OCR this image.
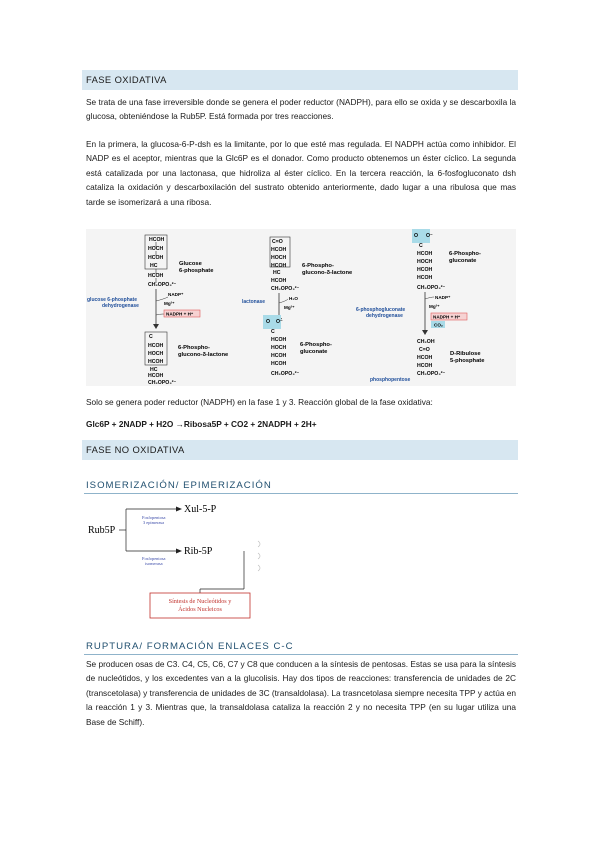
FASE OXIDATIVA

Se trata de una fase irreversible donde se genera el poder reductor (NADPH), para ello se oxida y se descarboxila la glucosa, obteniéndose la Rub5P. Está formada por tres reacciones.

En la primera, la glucosa-6-P-dsh es la limitante, por lo que esté mas regulada. El NADPH actúa como inhibidor. El NADP es el aceptor, mientras que la Glc6P es el donador. Como producto obtenemos un éster cíclico. La segunda está catalizada por una lactonasa, que hidroliza al éster cíclico. En la tercera reacción, la 6-fosfogluconato dsh cataliza la oxidación y descarboxilación del sustrato obtenido anteriormente, dado lugar a una ribulosa que mas tarde se isomerizará a una ribosa.

HCOH
HOCH
HCOH
HC
HCOH
CH₂OPO₃²⁻
Glucose 6-phosphate
NADP⁺
Mg²⁺
NADPH + H⁺
glucose 6-phosphate dehydrogenase
C
HCOH
HOCH
HCOH
HC
HCOH
CH₂OPO₃²⁻
6-Phospho-glucono-δ-lactone
C=O
HCOH
HOCH
HCOH
HC
HCOH
CH₂OPO₃²⁻
6-Phospho-glucono-δ-lactone
H₂O
Mg²⁺
lactonase
O O⁻
C
HCOH
HOCH
HCOH
HCOH
CH₂OPO₃²⁻
6-Phospho-gluconate
O O⁻
C
HCOH
HOCH
HCOH
HCOH
CH₂OPO₃²⁻
6-Phospho-gluconate
NADP⁺
Mg²⁺
NADPH + H⁺
CO₂
6-phosphogluconate dehydrogenase
CH₂OH
C=O
HCOH
HCOH
CH₂OPO₃²⁻
D-Ribulose 5-phosphate
phosphopentose

Solo se genera poder reductor (NADPH) en la fase 1 y 3. Reacción global de la fase oxidativa:

Glc6P + 2NADP + H2O →Ribosa5P + CO2 + 2NADPH + 2H+
FASE NO OXIDATIVA
ISOMERIZACIÓN/ EPIMERIZACIÓN
Rub5P
Xul-5-P
Rib-5P
Fosfopentosa 3 epimerasa
Fosfopentosa isomerasa
Síntesis de Nucleótidos y Ácidos Nucleicos
RUPTURA/ FORMACIÓN ENLACES C-C

Se producen osas de C3. C4, C5, C6, C7 y C8 que conducen a la síntesis de pentosas. Estas se usa para la síntesis de nucleótidos, y los excedentes van a la glucolisis. Hay dos tipos de reacciones: transferencia de unidades de 2C (transcetolasa) y transferencia de unidades de 3C (transaldolasa). La trasncetolasa siempre necesita TPP y actúa en la reacción 1 y 3. Mientras que, la transaldolasa cataliza la reacción 2 y no necesita TPP (en su lugar utiliza una Base de Schiff).
